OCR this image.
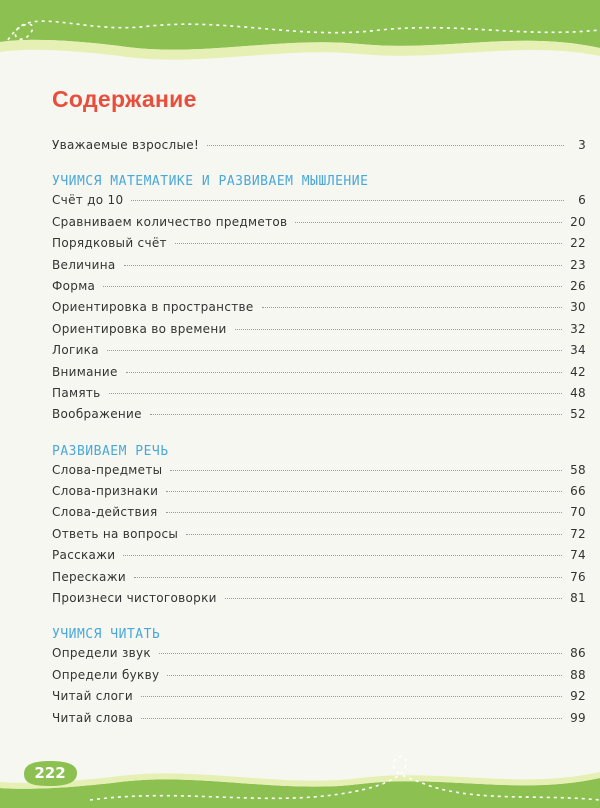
Содержание
Уважаемые взрослые!	3
УЧИМСЯ МАТЕМАТИКЕ И РАЗВИВАЕМ МЫШЛЕНИЕ
Счёт до 10	6
Сравниваем количество предметов	20
Порядковый счёт	22
Величина	23
Форма	26
Ориентировка в пространстве	30
Ориентировка во времени	32
Логика	34
Внимание	42
Память	48
Воображение	52
РАЗВИВАЕМ РЕЧЬ
Слова-предметы	58
Слова-признаки	66
Слова-действия	70
Ответь на вопросы	72
Расскажи	74
Перескажи	76
Произнеси чистоговорки	81
УЧИМСЯ ЧИТАТЬ
Определи звук	86
Определи букву	88
Читай слоги	92
Читай слова	99
222
